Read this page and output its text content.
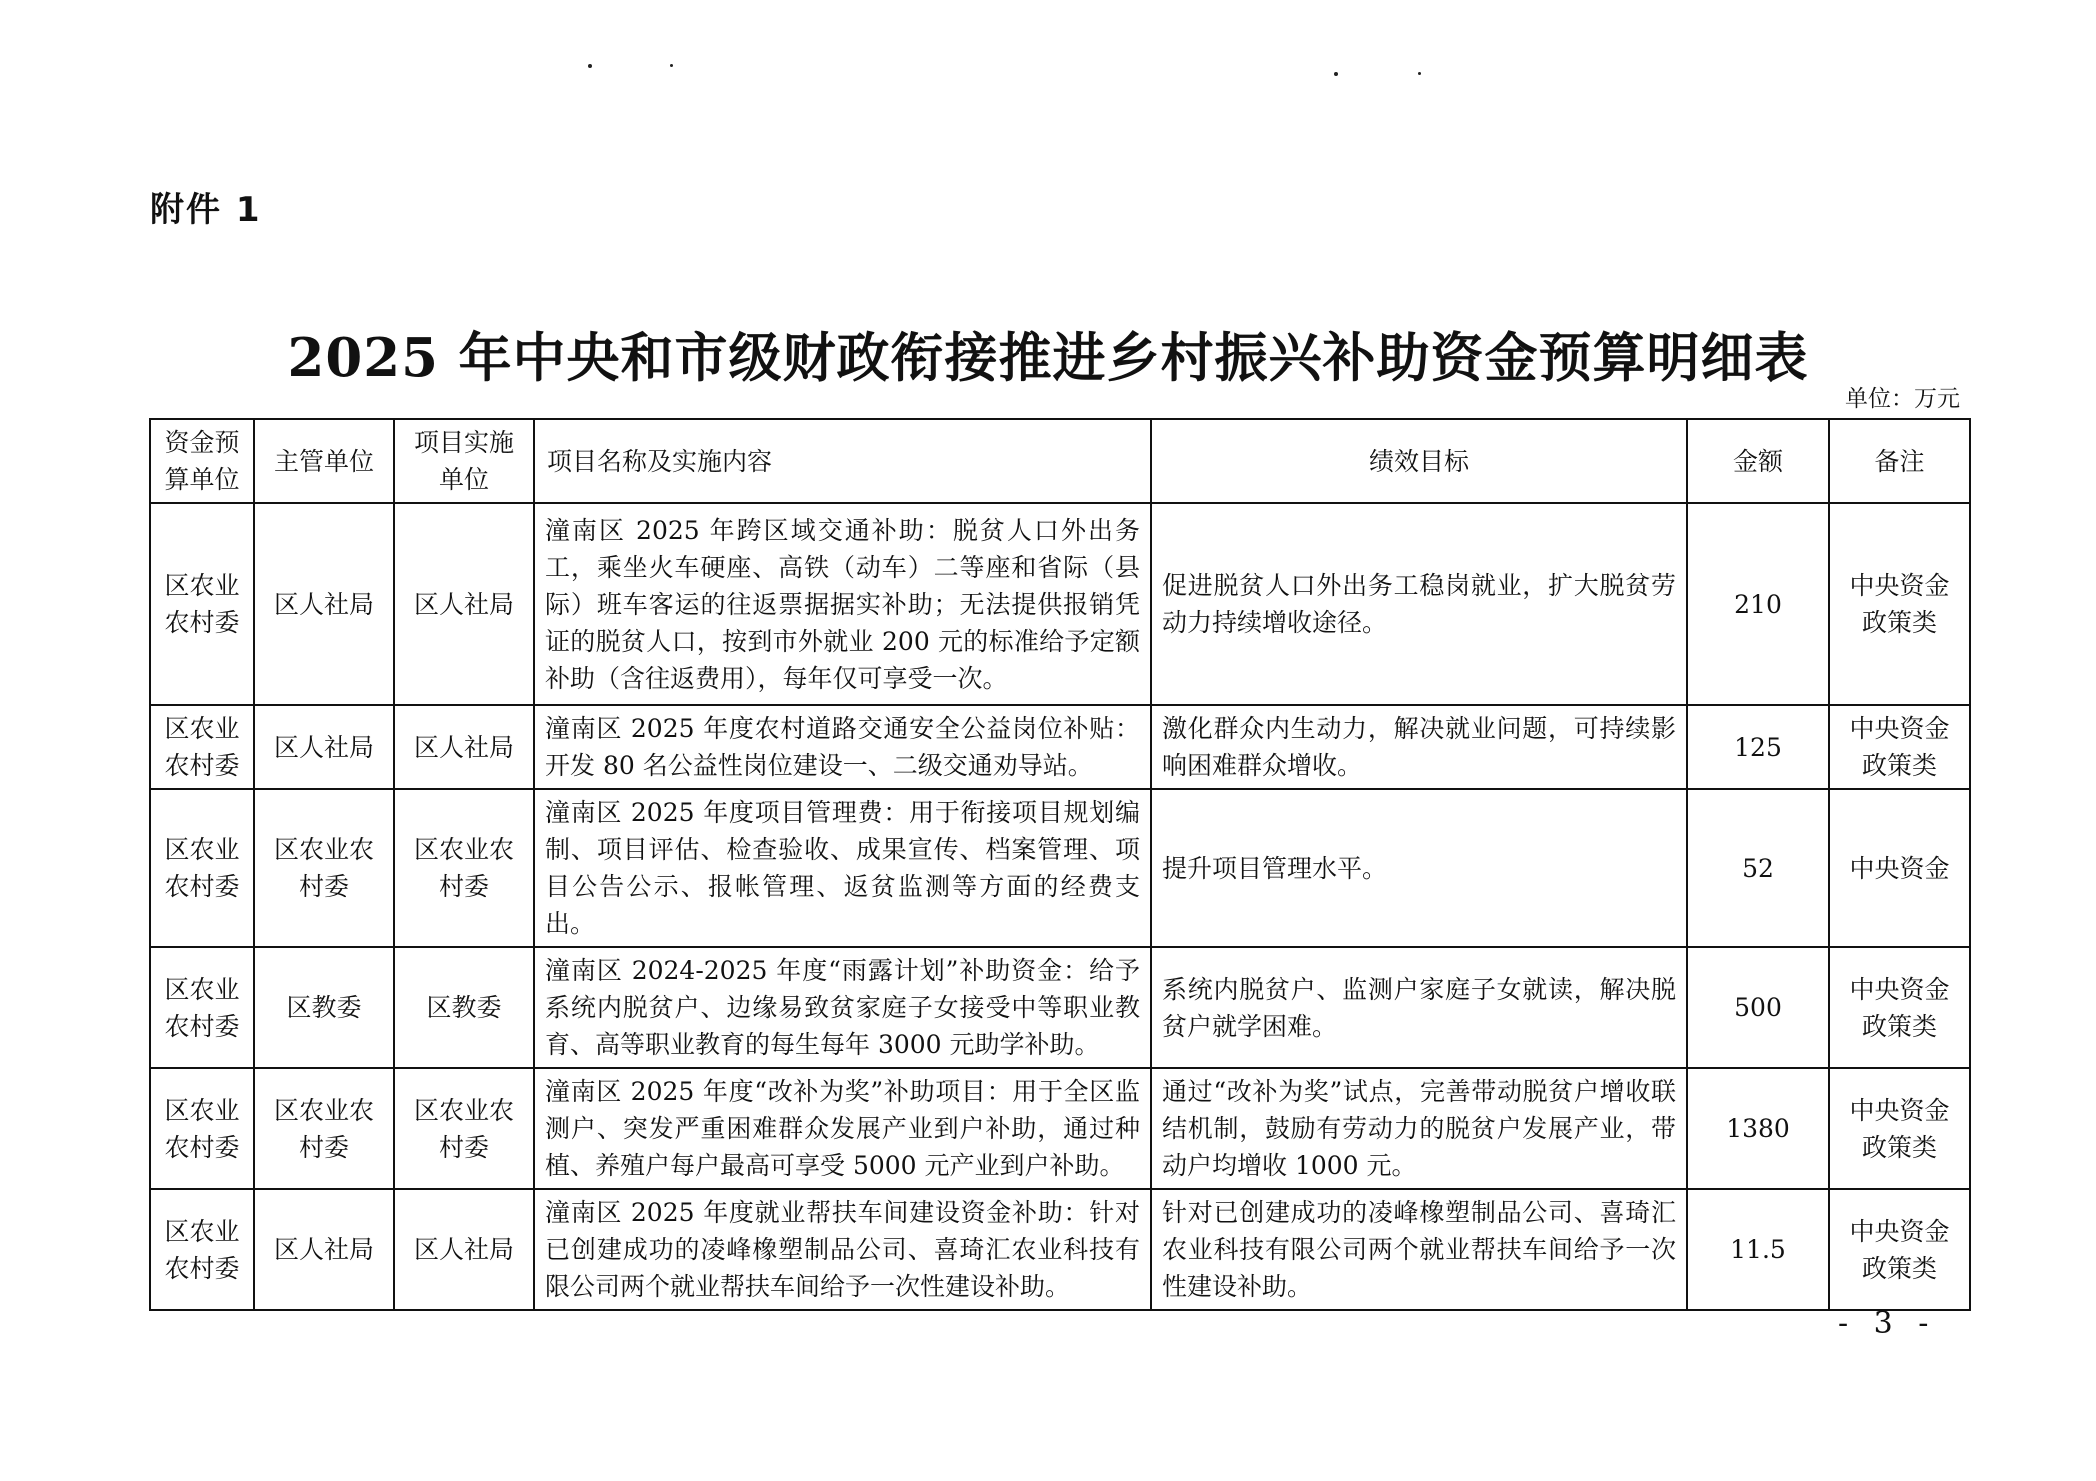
附件 1
2025 年中央和市级财政衔接推进乡村振兴补助资金预算明细表
单位：万元
资金预算单位	主管单位	项目实施单位	项目名称及实施内容	绩效目标	金额	备注
区农业农村委	区人社局	区人社局	潼南区 2025 年跨区域交通补助：脱贫人口外出务工，乘坐火车硬座、高铁（动车）二等座和省际（县际）班车客运的往返票据据实补助；无法提供报销凭证的脱贫人口，按到市外就业 200 元的标准给予定额补助（含往返费用），每年仅可享受一次。	促进脱贫人口外出务工稳岗就业，扩大脱贫劳动力持续增收途径。	210	中央资金政策类
区农业农村委	区人社局	区人社局	潼南区 2025 年度农村道路交通安全公益岗位补贴：开发 80 名公益性岗位建设一、二级交通劝导站。	激化群众内生动力，解决就业问题，可持续影响困难群众增收。	125	中央资金政策类
区农业农村委	区农业农村委	区农业农村委	潼南区 2025 年度项目管理费：用于衔接项目规划编制、项目评估、检查验收、成果宣传、档案管理、项目公告公示、报帐管理、返贫监测等方面的经费支出。	提升项目管理水平。	52	中央资金
区农业农村委	区教委	区教委	潼南区 2024-2025 年度“雨露计划”补助资金：给予系统内脱贫户、边缘易致贫家庭子女接受中等职业教育、高等职业教育的每生每年 3000 元助学补助。	系统内脱贫户、监测户家庭子女就读，解决脱贫户就学困难。	500	中央资金政策类
区农业农村委	区农业农村委	区农业农村委	潼南区 2025 年度“改补为奖”补助项目：用于全区监测户、突发严重困难群众发展产业到户补助，通过种植、养殖户每户最高可享受 5000 元产业到户补助。	通过“改补为奖”试点，完善带动脱贫户增收联结机制，鼓励有劳动力的脱贫户发展产业，带动户均增收 1000 元。	1380	中央资金政策类
区农业农村委	区人社局	区人社局	潼南区 2025 年度就业帮扶车间建设资金补助：针对已创建成功的凌峰橡塑制品公司、喜琦汇农业科技有限公司两个就业帮扶车间给予一次性建设补助。	针对已创建成功的凌峰橡塑制品公司、喜琦汇农业科技有限公司两个就业帮扶车间给予一次性建设补助。	11.5	中央资金政策类
- 3 -
